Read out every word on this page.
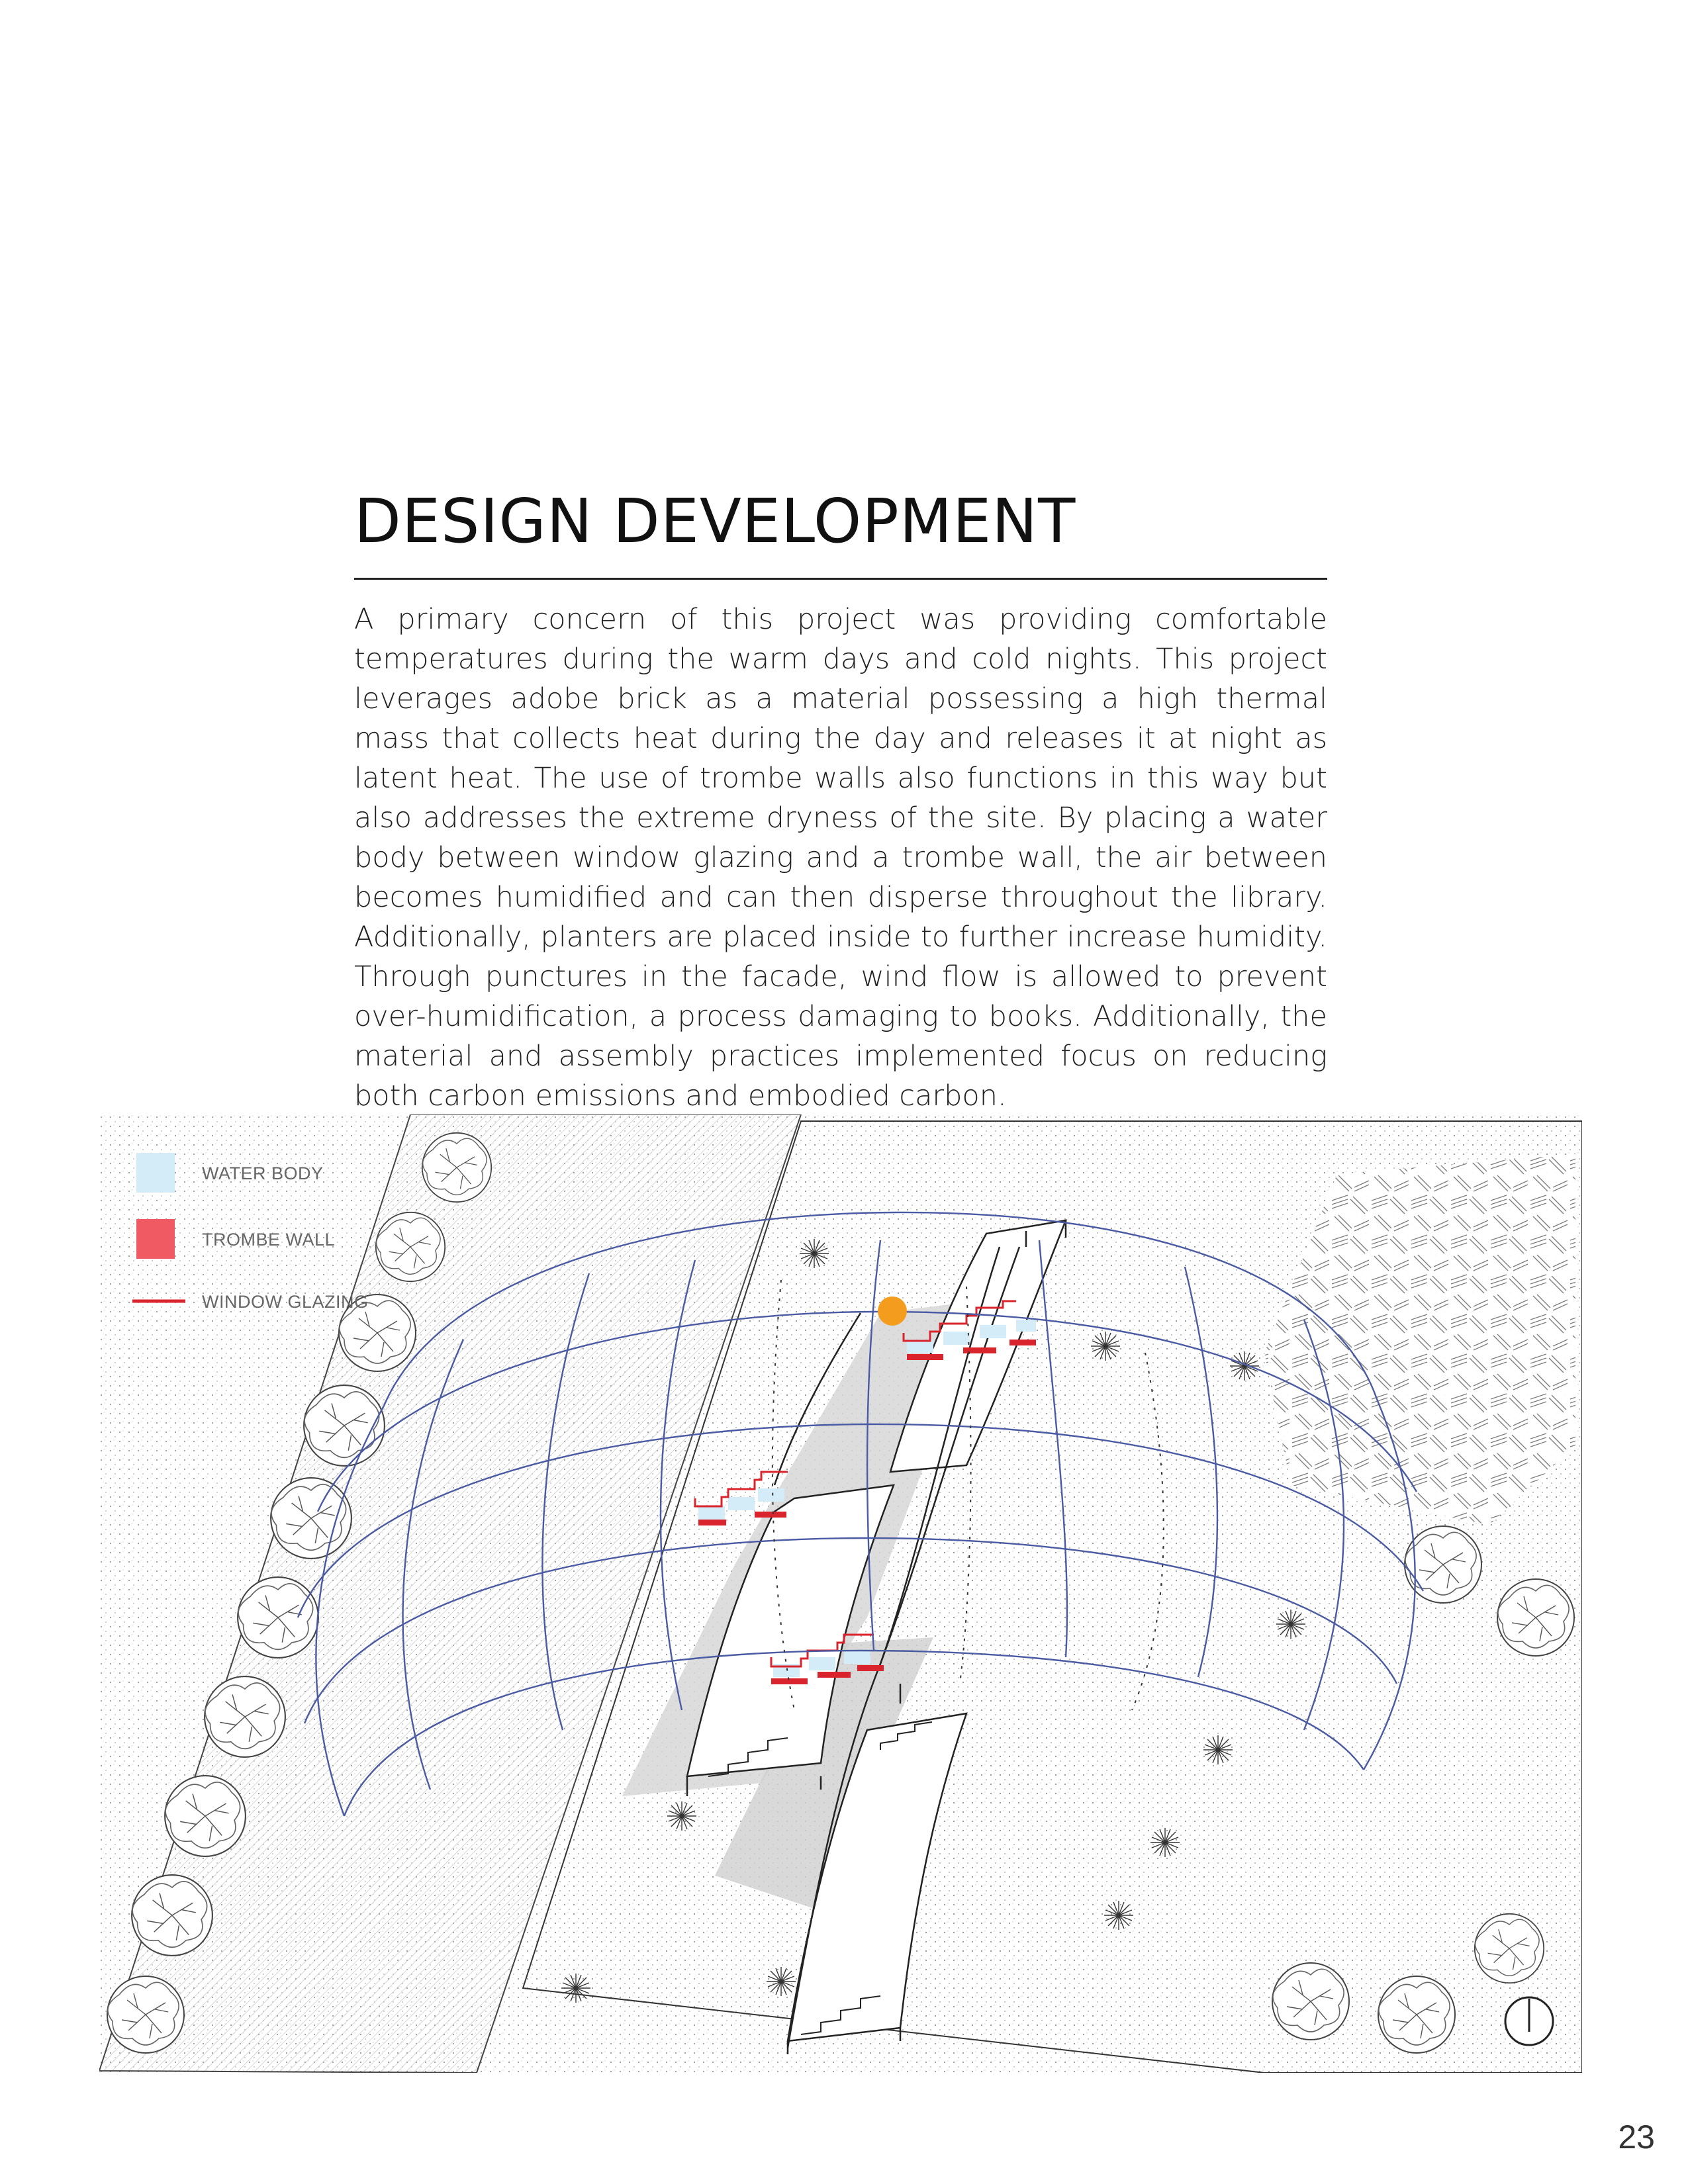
DESIGN DEVELOPMENT
A primary concern of this project was providing comfortable temperatures during the warm days and cold nights. This project leverages adobe brick as a material possessing a high thermal mass that collects heat during the day and releases it at night as latent heat. The use of trombe walls also functions in this way but also addresses the extreme dryness of the site. By placing a water body between window glazing and a trombe wall, the air between becomes humidified and can then disperse throughout the library. Additionally, planters are placed inside to further increase humidity. Through punctures in the facade, wind flow is allowed to prevent over-humidification, a process damaging to books. Additionally, the material and assembly practices implemented focus on reducing both carbon emissions and embodied carbon.
WATER BODY
TROMBE WALL
WINDOW GLAZING
23
